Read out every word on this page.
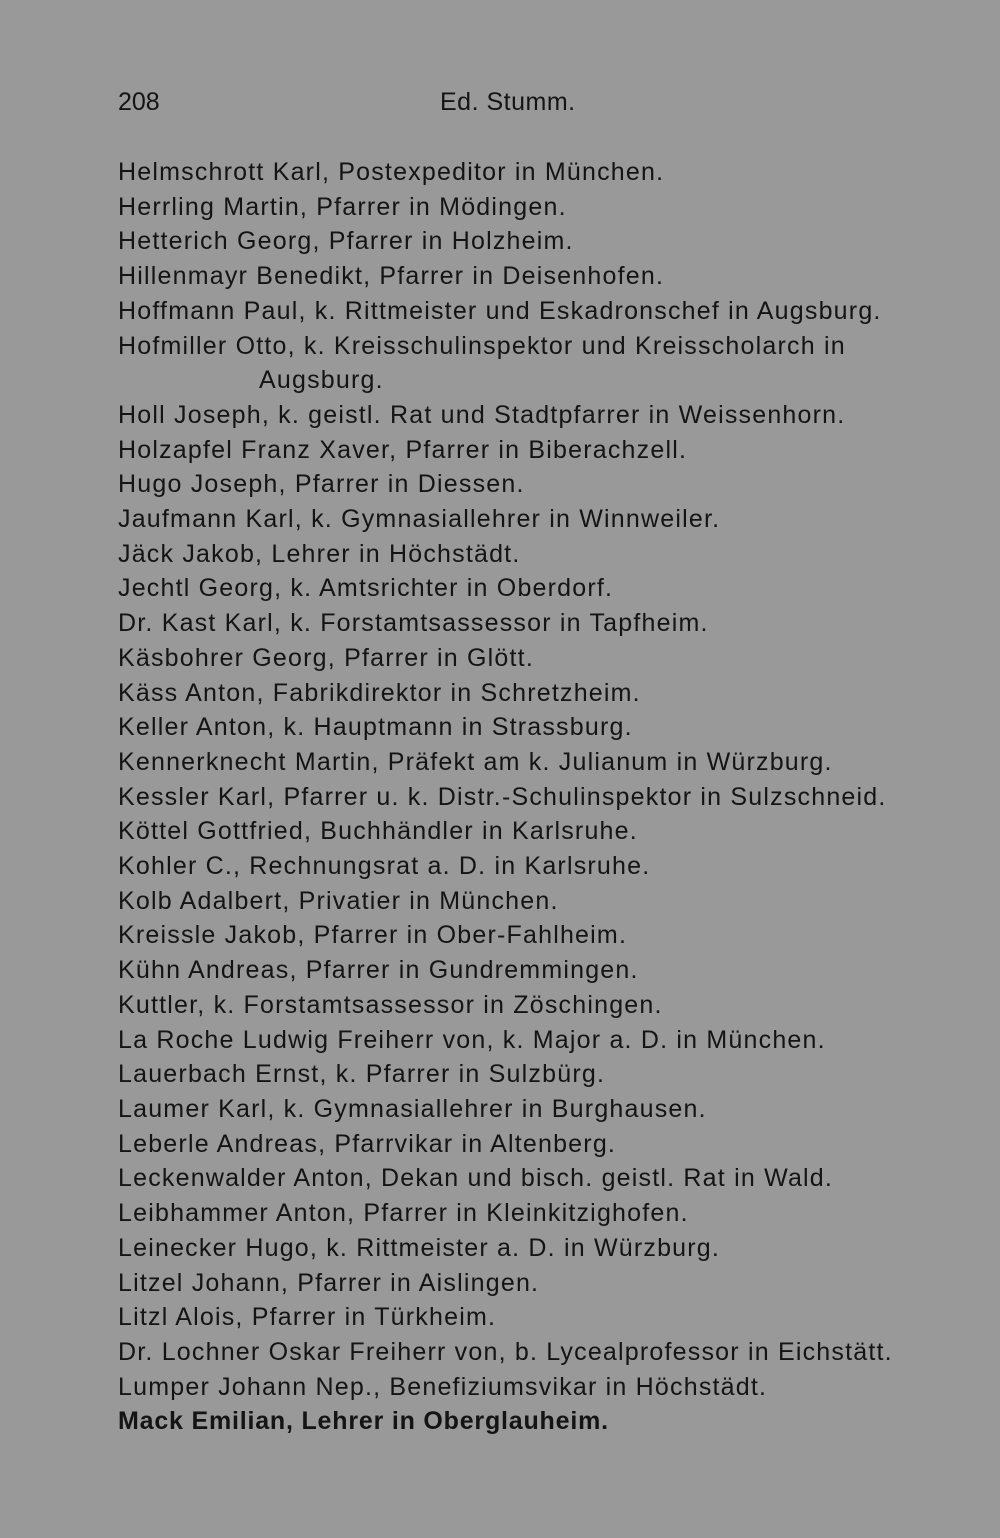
208	Ed. Stumm.
Helmschrott Karl, Postexpeditor in München.
Herrling Martin, Pfarrer in Mödingen.
Hetterich Georg, Pfarrer in Holzheim.
Hillenmayr Benedikt, Pfarrer in Deisenhofen.
Hoffmann Paul, k. Rittmeister und Eskadronschef in Augsburg.
Hofmiller Otto, k. Kreisschulinspektor und Kreisscholarch in
Augsburg.
Holl Joseph, k. geistl. Rat und Stadtpfarrer in Weissenhorn.
Holzapfel Franz Xaver, Pfarrer in Biberachzell.
Hugo Joseph, Pfarrer in Diessen.
Jaufmann Karl, k. Gymnasiallehrer in Winnweiler.
Jäck Jakob, Lehrer in Höchstädt.
Jechtl Georg, k. Amtsrichter in Oberdorf.
Dr. Kast Karl, k. Forstamtsassessor in Tapfheim.
Käsbohrer Georg, Pfarrer in Glött.
Käss Anton, Fabrikdirektor in Schretzheim.
Keller Anton, k. Hauptmann in Strassburg.
Kennerknecht Martin, Präfekt am k. Julianum in Würzburg.
Kessler Karl, Pfarrer u. k. Distr.-Schulinspektor in Sulzschneid.
Köttel Gottfried, Buchhändler in Karlsruhe.
Kohler C., Rechnungsrat a. D. in Karlsruhe.
Kolb Adalbert, Privatier in München.
Kreissle Jakob, Pfarrer in Ober-Fahlheim.
Kühn Andreas, Pfarrer in Gundremmingen.
Kuttler, k. Forstamtsassessor in Zöschingen.
La Roche Ludwig Freiherr von, k. Major a. D. in München.
Lauerbach Ernst, k. Pfarrer in Sulzbürg.
Laumer Karl, k. Gymnasiallehrer in Burghausen.
Leberle Andreas, Pfarrvikar in Altenberg.
Leckenwalder Anton, Dekan und bisch. geistl. Rat in Wald.
Leibhammer Anton, Pfarrer in Kleinkitzighofen.
Leinecker Hugo, k. Rittmeister a. D. in Würzburg.
Litzel Johann, Pfarrer in Aislingen.
Litzl Alois, Pfarrer in Türkheim.
Dr. Lochner Oskar Freiherr von, b. Lycealprofessor in Eichstätt.
Lumper Johann Nep., Benefiziumsvikar in Höchstädt.
Mack Emilian, Lehrer in Oberglauheim.
